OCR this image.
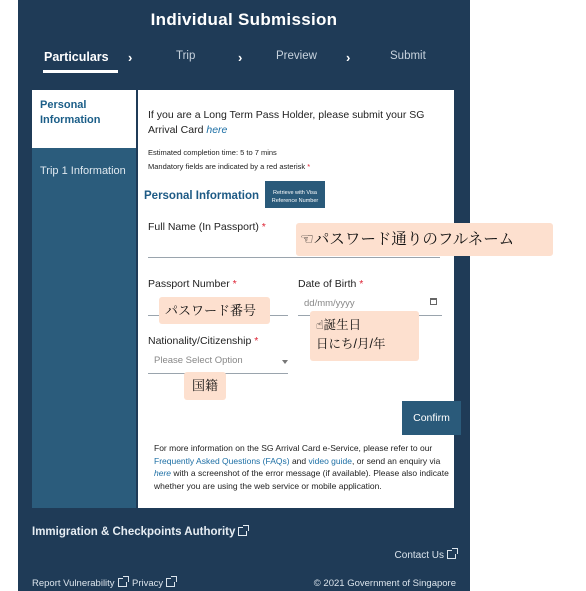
Individual Submission
Particulars ›	Trip	›	Preview ›	Submit
Personal Information
Trip 1 Information
If you are a Long Term Pass Holder, please submit your SG Arrival Card here
Estimated completion time: 5 to 7 mins
Mandatory fields are indicated by a red asterisk *
Personal Information	Retrieve with Visa Reference Number
Full Name (In Passport) *
Passport Number *	Date of Birth *
dd/mm/yyyy
Nationality/Citizenship *
Please Select Option
Confirm
For more information on the SG Arrival Card e-Service, please refer to our Frequently Asked Questions (FAQs) and video guide, or send an enquiry via here with a screenshot of the error message (if available). Please also indicate whether you are using the web service or mobile application.
☜パスワード通りのフルネーム
パスワード番号
☝誕生日
日にち/月/年
国籍
Immigration & Checkpoints Authority
Contact Us
Report Vulnerability	Privacy	© 2021 Government of Singapore
